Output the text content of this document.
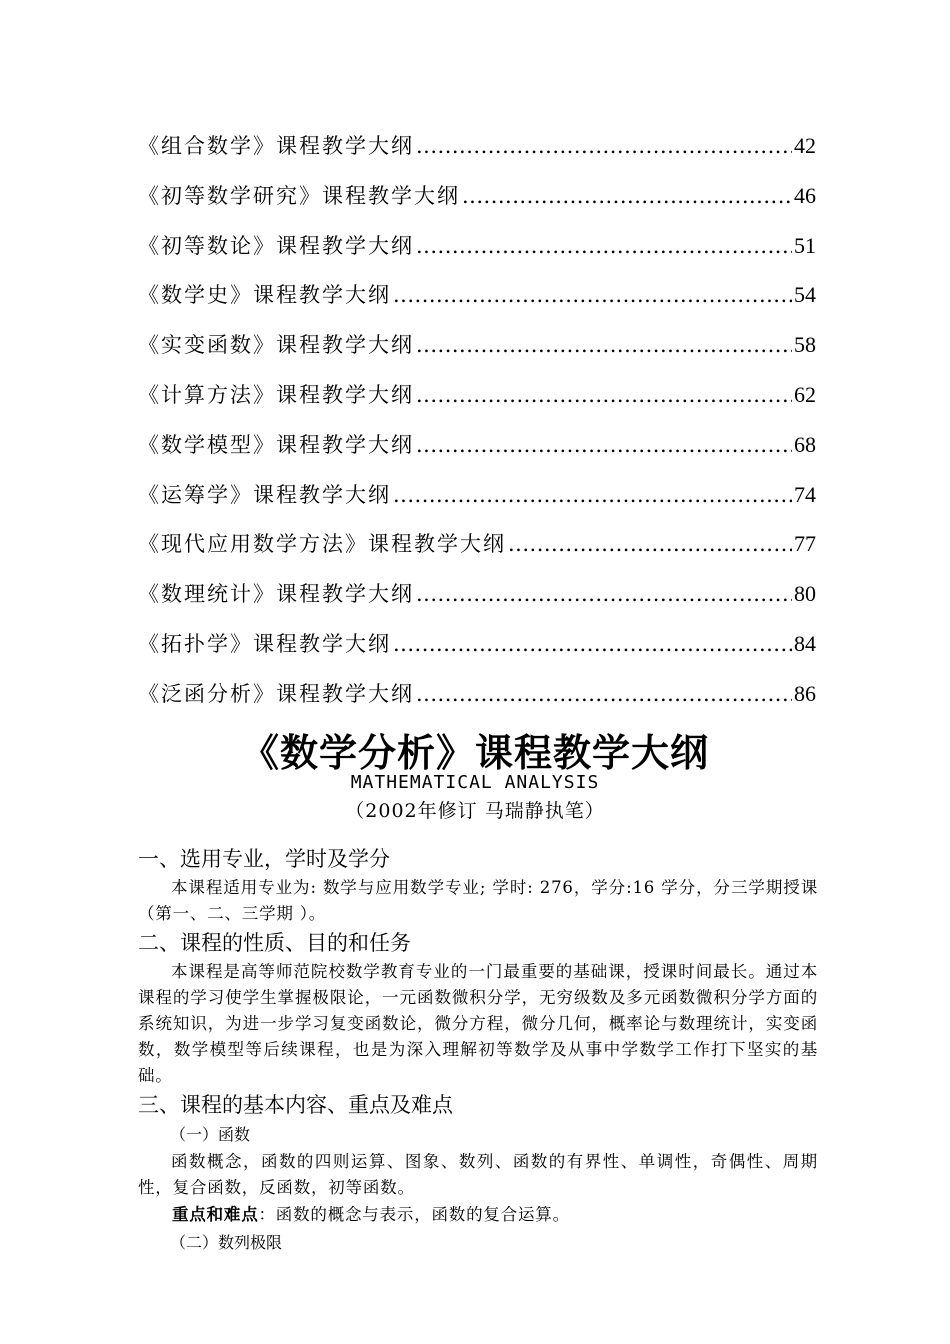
《组合数学》课程教学大纲 .....	42
《初等数学研究》课程教学大纲 .....	46
《初等数论》课程教学大纲 .....	51
《数学史》课程教学大纲 .....	54
《实变函数》课程教学大纲 .....	58
《计算方法》课程教学大纲 .....	62
《数学模型》课程教学大纲 .....	68
《运筹学》课程教学大纲 .....	74
《现代应用数学方法》课程教学大纲 .....	77
《数理统计》课程教学大纲 .....	80
《拓扑学》课程教学大纲 .....	84
《泛函分析》课程教学大纲 .....	86
《数学分析》课程教学大纲
MATHEMATICAL ANALYSIS
（2002年修订 马瑞静执笔）

一、选用专业，学时及学分

本课程适用专业为: 数学与应用数学专业; 学时: 276，学分:16 学分，分三学期授课（第一、二、三学期 ）。

二、课程的性质、目的和任务

本课程是高等师范院校数学教育专业的一门最重要的基础课，授课时间最长。通过本课程的学习使学生掌握极限论，一元函数微积分学，无穷级数及多元函数微积分学方面的系统知识，为进一步学习复变函数论，微分方程，微分几何，概率论与数理统计，实变函数，数学模型等后续课程，也是为深入理解初等数学及从事中学数学工作打下坚实的基础。

三、课程的基本内容、重点及难点

（一）函数

函数概念，函数的四则运算、图象、数列、函数的有界性、单调性，奇偶性、周期性，复合函数，反函数，初等函数。

重点和难点：函数的概念与表示，函数的复合运算。

（二）数列极限
